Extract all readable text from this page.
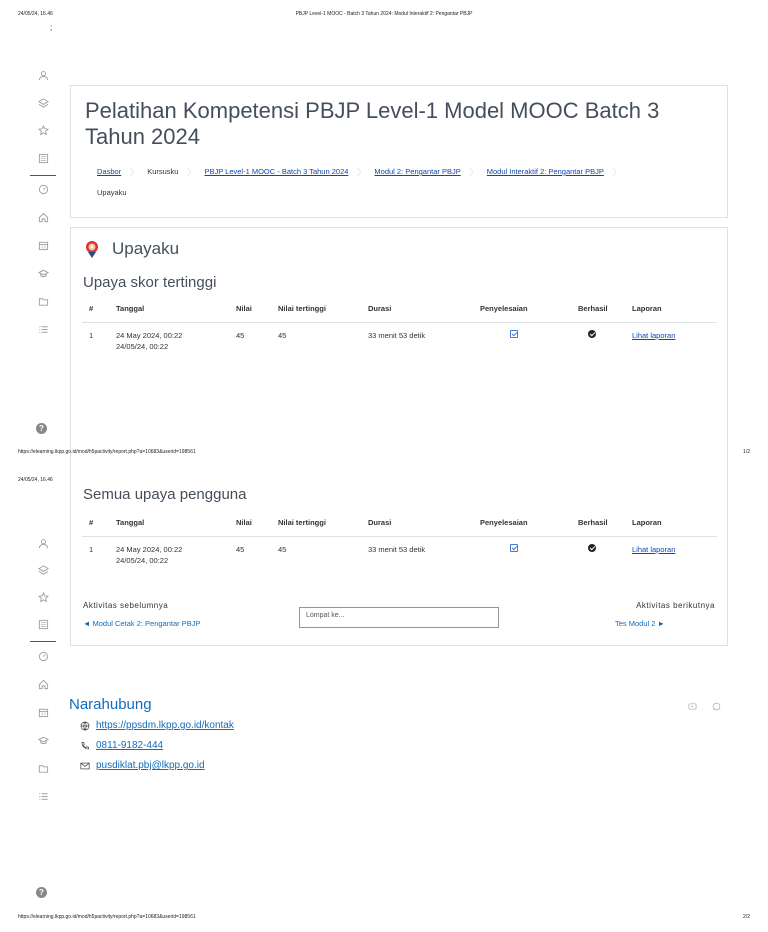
24/05/24, 16.46	PBJP Level-1 MOOC - Batch 3 Tahun 2024: Modul Interaktif 2: Pengantar PBJP
;
?
Pelatihan Kompetensi PBJP Level-1 Model MOOC Batch 3 Tahun 2024
Dasbor 〉 Kursusku 〉 PBJP Level-1 MOOC - Batch 3 Tahun 2024 〉 Modul 2: Pengantar PBJP 〉 Modul Interaktif 2: Pengantar PBJP 〉
Upayaku
Upayaku
Upaya skor tertinggi
#	Tanggal	Nilai	Nilai tertinggi	Durasi	Penyelesaian	Berhasil	Laporan
1	24 May 2024, 00:22
24/05/24, 00:22	45	45	33 menit 53 detik			Lihat laporan
https://elearning.lkpp.go.id/mod/h5pactivity/report.php?a=10683&userid=198561	1/2
24/05/24, 16.46
Semua upaya pengguna
#	Tanggal	Nilai	Nilai tertinggi	Durasi	Penyelesaian	Berhasil	Laporan
1	24 May 2024, 00:22
24/05/24, 00:22	45	45	33 menit 53 detik			Lihat laporan
Aktivitas sebelumnya
◄ Modul Cetak 2: Pengantar PBJP
Lompat ke...
Aktivitas berikutnya
Tes Modul 2 ►
?
Narahubung
https://ppsdm.lkpp.go.id/kontak
0811-9182-444
pusdiklat.pbj@lkpp.go.id
https://elearning.lkpp.go.id/mod/h5pactivity/report.php?a=10683&userid=198561	2/2
